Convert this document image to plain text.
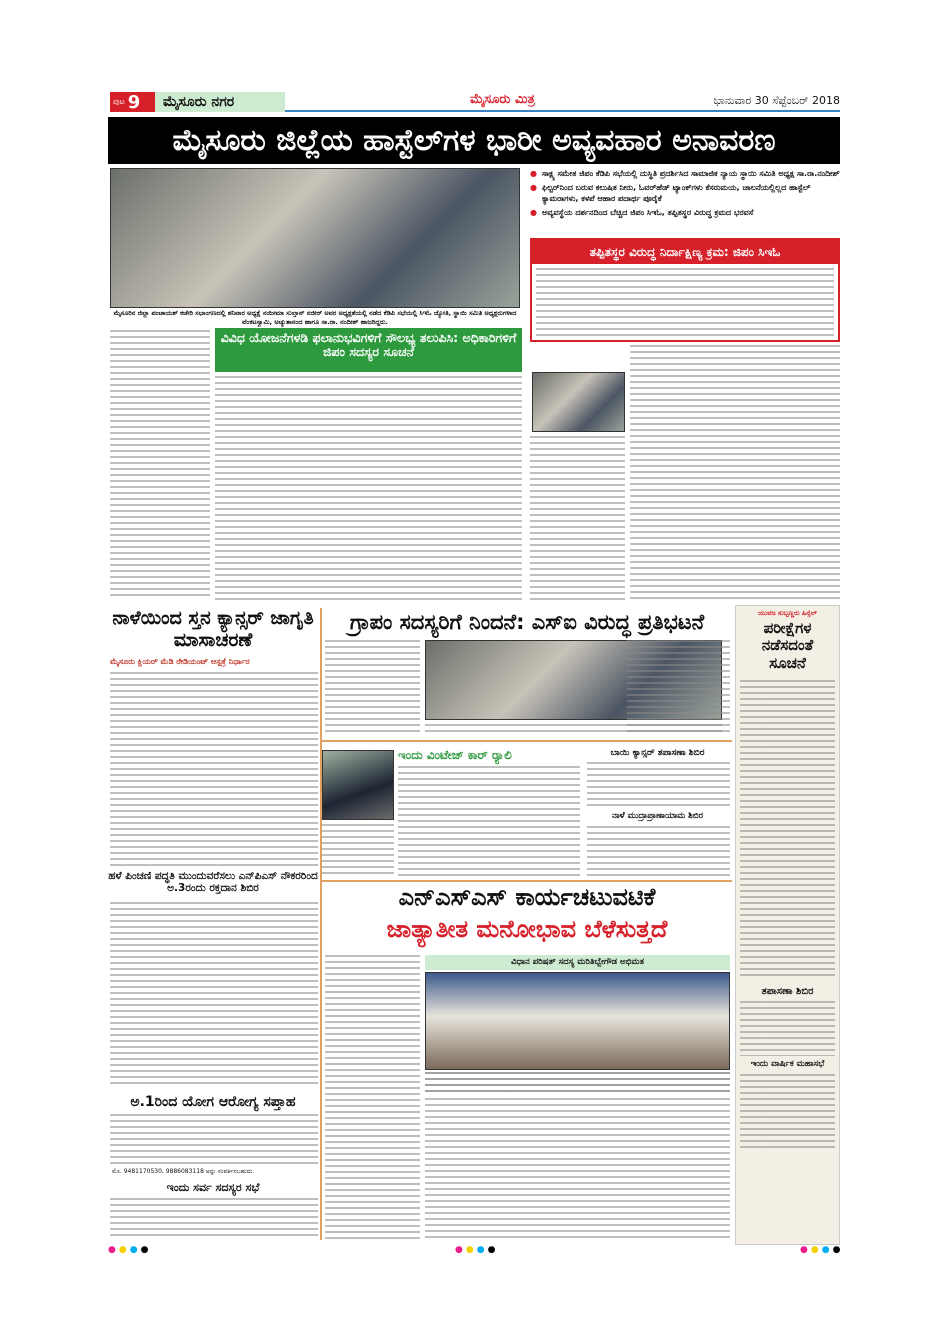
ಪುಟ 9	ಮೈಸೂರು ನಗರ	ಮೈಸೂರು ಮಿತ್ರ	ಭಾನುವಾರ 30 ಸೆಪ್ಟೆಂಬರ್ 2018
ಮೈಸೂರು ಜಿಲ್ಲೆಯ ಹಾಸ್ಟೆಲ್‌ಗಳ ಭಾರೀ ಅವ್ಯವಹಾರ ಅನಾವರಣ
ಮೈಸೂರಿನ ಜಿಲ್ಲಾ ಪಂಚಾಯತ್ ಕಚೇರಿ ಸಭಾಂಗಣದಲ್ಲಿ ಶನಿವಾರ ಅಧ್ಯಕ್ಷೆ ನಯೀಮಾ ಸುಲ್ತಾನ್ ನಜೀರ್ ಅವರ ಅಧ್ಯಕ್ಷತೆಯಲ್ಲಿ ನಡೆದ ಕೆಡಿಪಿ ಸಭೆಯಲ್ಲಿ ಸಿಇಓ ಜ್ಯೋತಿ, ಸ್ಥಾಯಿ ಸಮಿತಿ ಅಧ್ಯಕ್ಷರುಗಳಾದ ವೆಂಕಟಸ್ವಾಮಿ, ಅಚ್ಯುತಾನಂದ ಹಾಗೂ ಸಾ.ರಾ. ನಂದೀಶ್ ಹಾಜರಿದ್ದರು.
● ಸಾಕ್ಷ್ಯ ಸಮೇತ ಜಿಪಂ ಕೆಡಿಪಿ ಸಭೆಯಲ್ಲಿ ದುಸ್ಥಿತಿ ಪ್ರದರ್ಶಿಸಿದ ಸಾಮಾಜಿಕ ನ್ಯಾಯ ಸ್ಥಾಯಿ ಸಮಿತಿ ಅಧ್ಯಕ್ಷ ಸಾ.ರಾ.ನಂದೀಶ್
● ಫಿಲ್ಟರ್‌ನಿಂದ ಬರುವ ಕಲುಷಿತ ನೀರು, ಓವರ್‌ಹೆಡ್ ಟ್ಯಾಂಕ್‌ಗಳು ಕೆಸರುಮಯ, ಚಾಲನೆಯಲ್ಲಿಲ್ಲದ ಹಾಸ್ಟೆಲ್ ಕ್ಯಾಮರಾಗಳು, ಕಳಪೆ ಆಹಾರ ಪದಾರ್ಥ ಪೂರೈಕೆ
● ಅವ್ಯವಸ್ಥೆಯ ದರ್ಶನದಿಂದ ಬೆಚ್ಚಿದ ಜಿಪಂ ಸಿಇಓ, ತಪ್ಪಿತಸ್ಥರ ವಿರುದ್ಧ ಕ್ರಮದ ಭರವಸೆ
ತಪ್ಪಿತಸ್ಥರ ವಿರುದ್ಧ ನಿರ್ದಾಕ್ಷಿಣ್ಯ ಕ್ರಮ: ಜಿಪಂ ಸಿಇಓ
ವಿವಿಧ ಯೋಜನೆಗಳಡಿ ಫಲಾನುಭವಿಗಳಿಗೆ ಸೌಲಭ್ಯ ತಲುಪಿಸಿ: ಅಧಿಕಾರಿಗಳಿಗೆ ಜಿಪಂ ಸದಸ್ಯರ ಸೂಚನೆ
ನಾಳೆಯಿಂದ ಸ್ತನ ಕ್ಯಾನ್ಸರ್ ಜಾಗೃತಿ ಮಾಸಾಚರಣೆ
ಮೈಸೂರು ಕ್ಲಿಯರ್ ಮೆಡಿ ರೇಡಿಯಂಟ್ ಆಸ್ಪತ್ರೆ ನಿರ್ಧಾರ
ಹಳೆ ಪಿಂಚಣಿ ಪದ್ಧತಿ ಮುಂದುವರೆಸಲು ಎನ್‌ಪಿಎಸ್ ನೌಕರರಿಂದ ಅ.3ರಂದು ರಕ್ತದಾನ ಶಿಬಿರ
ಅ.1ರಿಂದ ಯೋಗ ಆರೋಗ್ಯ ಸಪ್ತಾಹ
ಮೊ. 9481170530, 9886083118 ಅನ್ನು ಸಂಪರ್ಕಿಸಬಹುದು.
ಇಂದು ಸರ್ವ ಸದಸ್ಯರ ಸಭೆ
ಗ್ರಾಪಂ ಸದಸ್ಯರಿಗೆ ನಿಂದನೆ: ಎಸ್‌ಐ ವಿರುದ್ಧ ಪ್ರತಿಭಟನೆ	ಯುವಜ ಸುಬ್ಬಣ್ಣರು ಹಿಸ್ಸೆಲ್
ಪರೀಕ್ಷೆಗಳ ನಡೆಸದಂತೆ ಸೂಚನೆ
ತಪಾಸಣಾ ಶಿಬಿರ
ಇಂದು ವಾರ್ಷಿಕ ಮಹಾಸಭೆ
ಇಂದು ವಿಂಟೇಜ್ ಕಾರ್ ರ‍್ಯಾಲಿ	ಬಾಯಿ ಕ್ಯಾನ್ಸರ್ ತಪಾಸಣಾ ಶಿಬಿರ
ನಾಳೆ ಮುದ್ರಾಪ್ರಾಣಾಯಾಮ ಶಿಬಿರ
ಎನ್‌ಎಸ್‌ಎಸ್ ಕಾರ್ಯಚಟುವಟಿಕೆ
ಜಾತ್ಯಾತೀತ ಮನೋಭಾವ ಬೆಳೆಸುತ್ತದೆ
ವಿಧಾನ ಪರಿಷತ್ ಸದಸ್ಯ ಮರಿತಿಬ್ಬೇಗೌಡ ಅಭಿಮತ
● ● ● ●	● ● ● ●	● ● ● ●
